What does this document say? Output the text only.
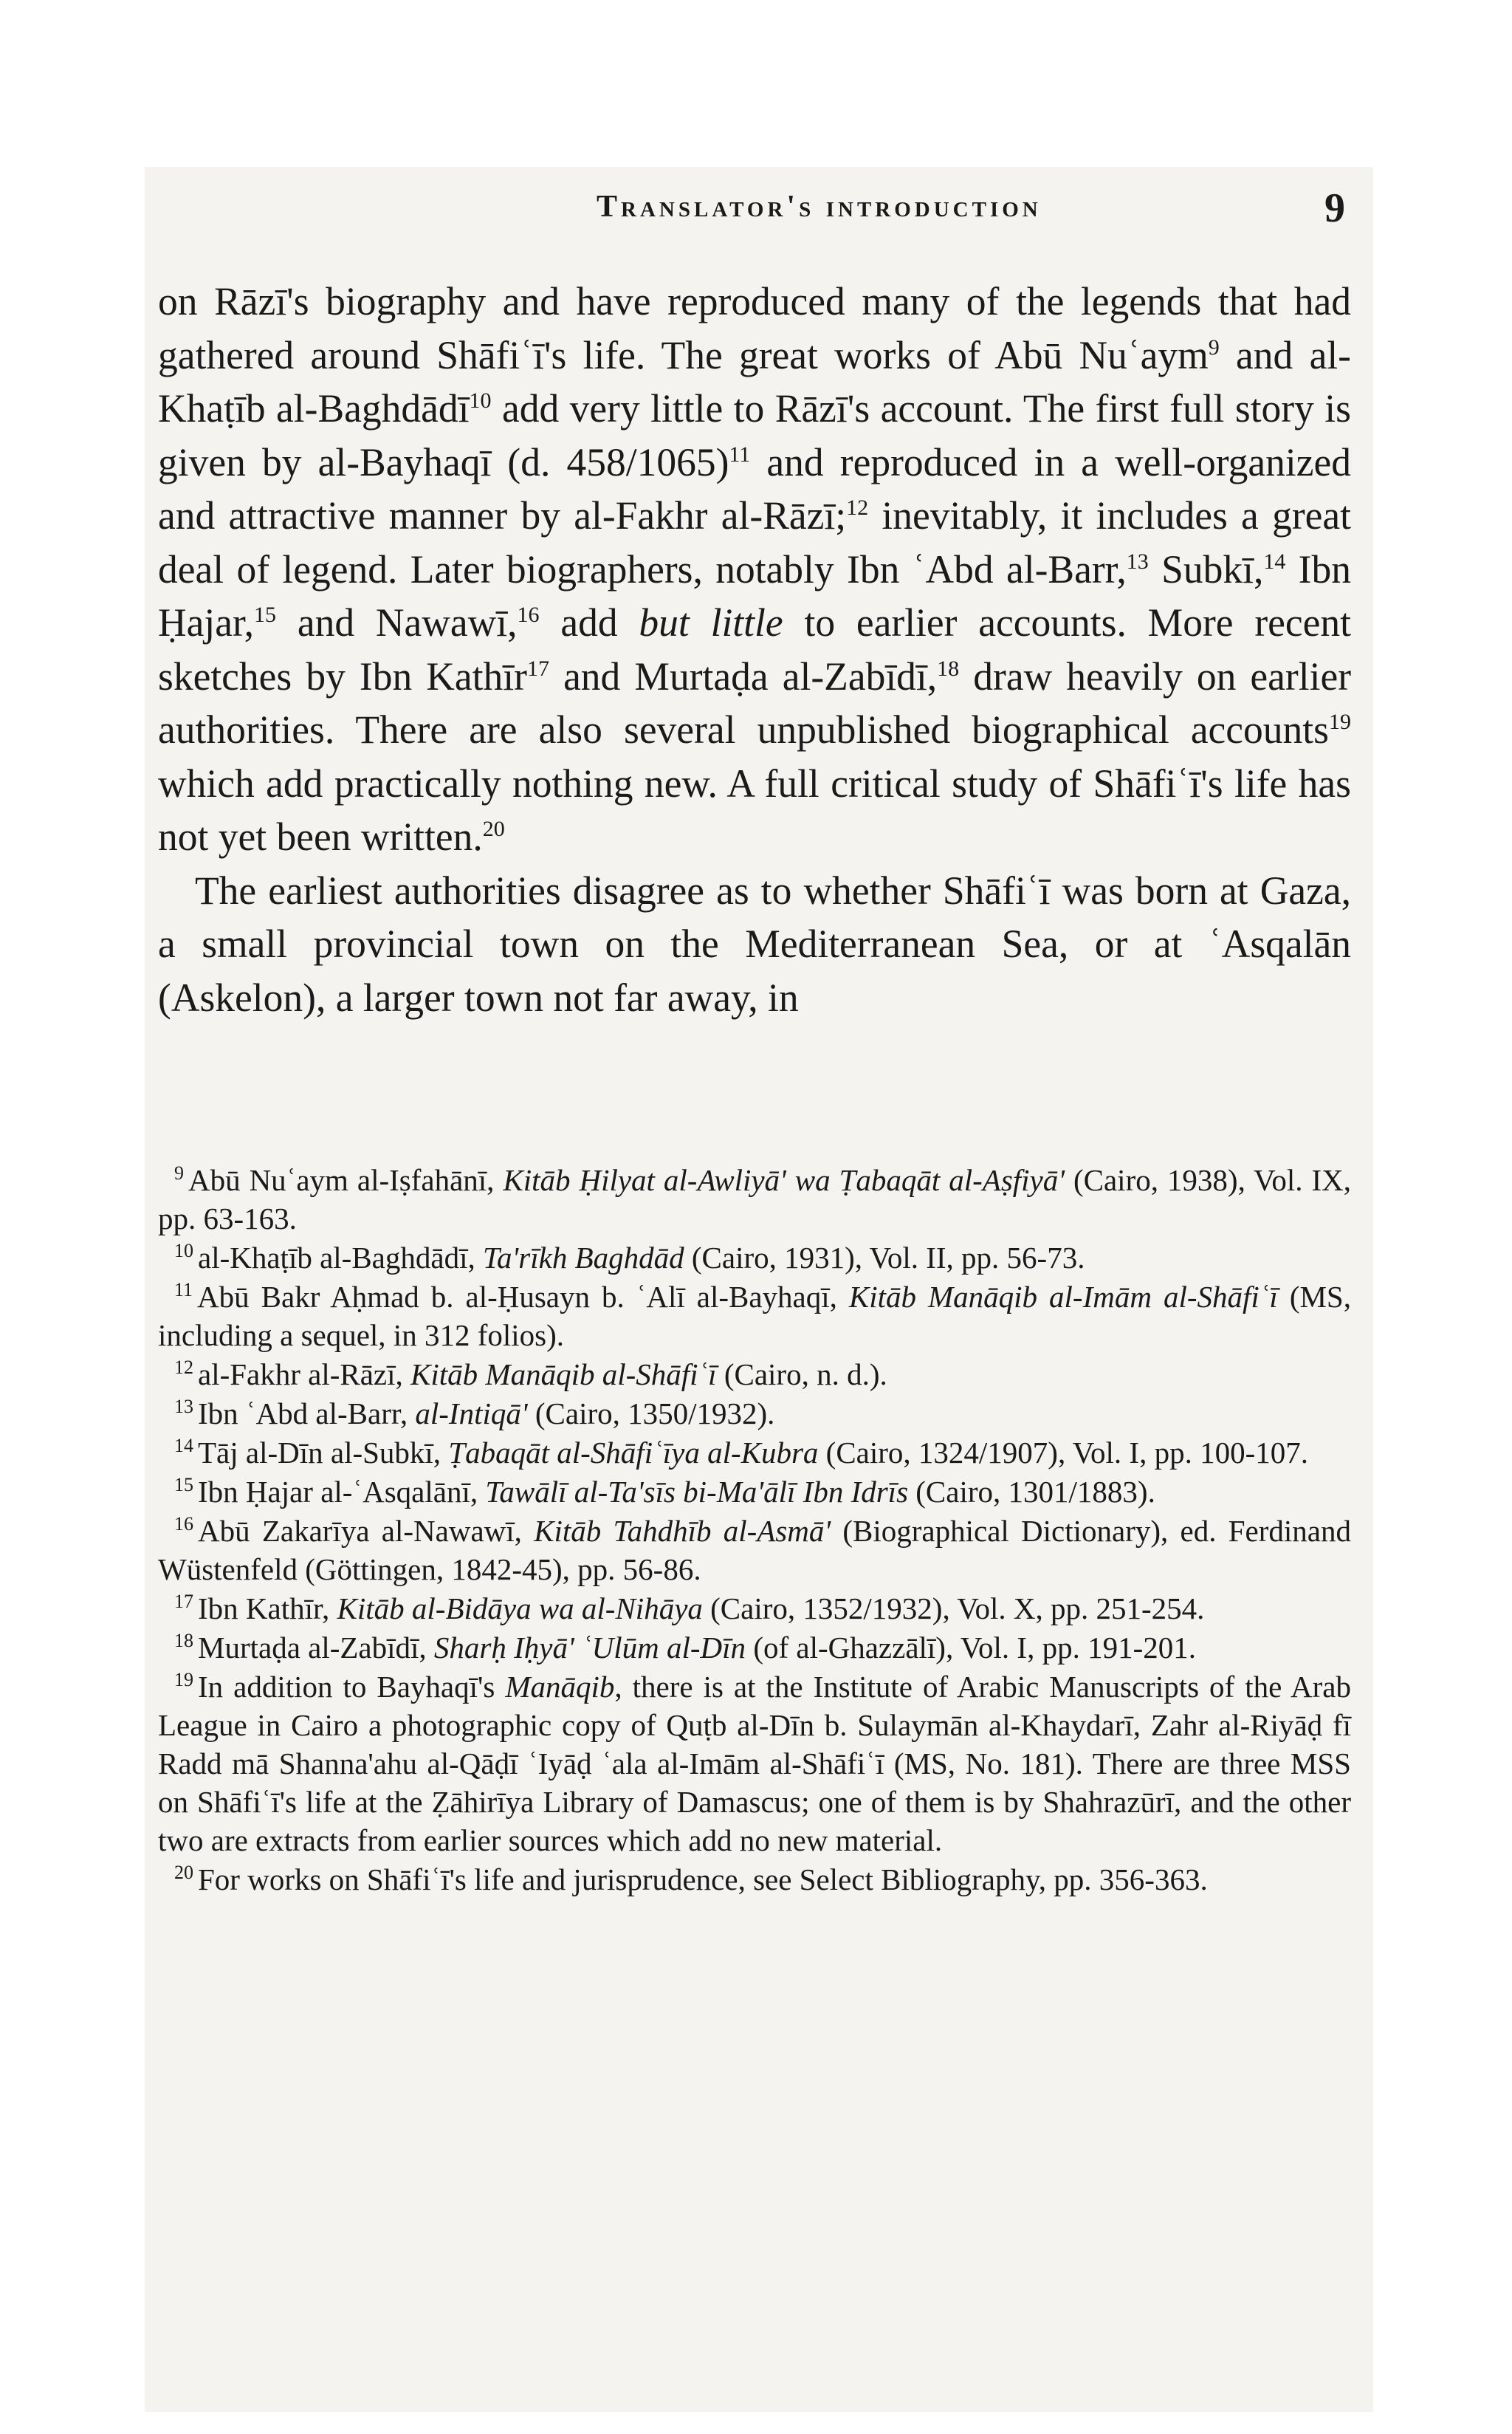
Translator's introduction	9

on Rāzī's biography and have reproduced many of the legends that had gathered around Shāfiʿī's life. The great works of Abū Nuʿaym$^9$ and al-Khaṭīb al-Baghdādī$^{10}$ add very little to Rāzī's account. The first full story is given by al-Bayhaqī (d. 458/1065)$^{11}$ and reproduced in a well-organized and attractive manner by al-Fakhr al-Rāzī;$^{12}$ inevitably, it includes a great deal of legend. Later biographers, notably Ibn ʿAbd al-Barr,$^{13}$ Subkī,$^{14}$ Ibn Ḥajar,$^{15}$ and Nawawī,$^{16}$ add but little to earlier accounts. More recent sketches by Ibn Kathīr$^{17}$ and Murtaḍa al-Zabīdī,$^{18}$ draw heavily on earlier authorities. There are also several unpublished biographical accounts$^{19}$ which add practically nothing new. A full critical study of Shāfiʿī's life has not yet been written.$^{20}$

The earliest authorities disagree as to whether Shāfiʿī was born at Gaza, a small provincial town on the Mediterranean Sea, or at ʿAsqalān (Askelon), a larger town not far away, in

$^9$ Abū Nuʿaym al-Iṣfahānī, Kitāb Ḥilyat al-Awliyā' wa Ṭabaqāt al-Aṣfiyā' (Cairo, 1938), Vol. IX, pp. 63-163.

$^{10}$ al-Khaṭīb al-Baghdādī, Ta'rīkh Baghdād (Cairo, 1931), Vol. II, pp. 56-73.

$^{11}$ Abū Bakr Aḥmad b. al-Ḥusayn b. ʿAlī al-Bayhaqī, Kitāb Manāqib al-Imām al-Shāfiʿī (MS, including a sequel, in 312 folios).

$^{12}$ al-Fakhr al-Rāzī, Kitāb Manāqib al-Shāfiʿī (Cairo, n. d.).

$^{13}$ Ibn ʿAbd al-Barr, al-Intiqā' (Cairo, 1350/1932).

$^{14}$ Tāj al-Dīn al-Subkī, Ṭabaqāt al-Shāfiʿīya al-Kubra (Cairo, 1324/1907), Vol. I, pp. 100-107.

$^{15}$ Ibn Ḥajar al-ʿAsqalānī, Tawālī al-Ta'sīs bi-Ma'ālī Ibn Idrīs (Cairo, 1301/1883).

$^{16}$ Abū Zakarīya al-Nawawī, Kitāb Tahdhīb al-Asmā' (Biographical Dictionary), ed. Ferdinand Wüstenfeld (Göttingen, 1842-45), pp. 56-86.

$^{17}$ Ibn Kathīr, Kitāb al-Bidāya wa al-Nihāya (Cairo, 1352/1932), Vol. X, pp. 251-254.

$^{18}$ Murtaḍa al-Zabīdī, Sharḥ Iḥyā' ʿUlūm al-Dīn (of al-Ghazzālī), Vol. I, pp. 191-201.

$^{19}$ In addition to Bayhaqī's Manāqib, there is at the Institute of Arabic Manuscripts of the Arab League in Cairo a photographic copy of Quṭb al-Dīn b. Sulaymān al-Khaydarī, Zahr al-Riyāḍ fī Radd mā Shanna'ahu al-Qāḍī ʿIyāḍ ʿala al-Imām al-Shāfiʿī (MS, No. 181). There are three MSS on Shāfiʿī's life at the Ẓāhirīya Library of Damascus; one of them is by Shahrazūrī, and the other two are extracts from earlier sources which add no new material.

$^{20}$ For works on Shāfiʿī's life and jurisprudence, see Select Bibliography, pp. 356-363.
